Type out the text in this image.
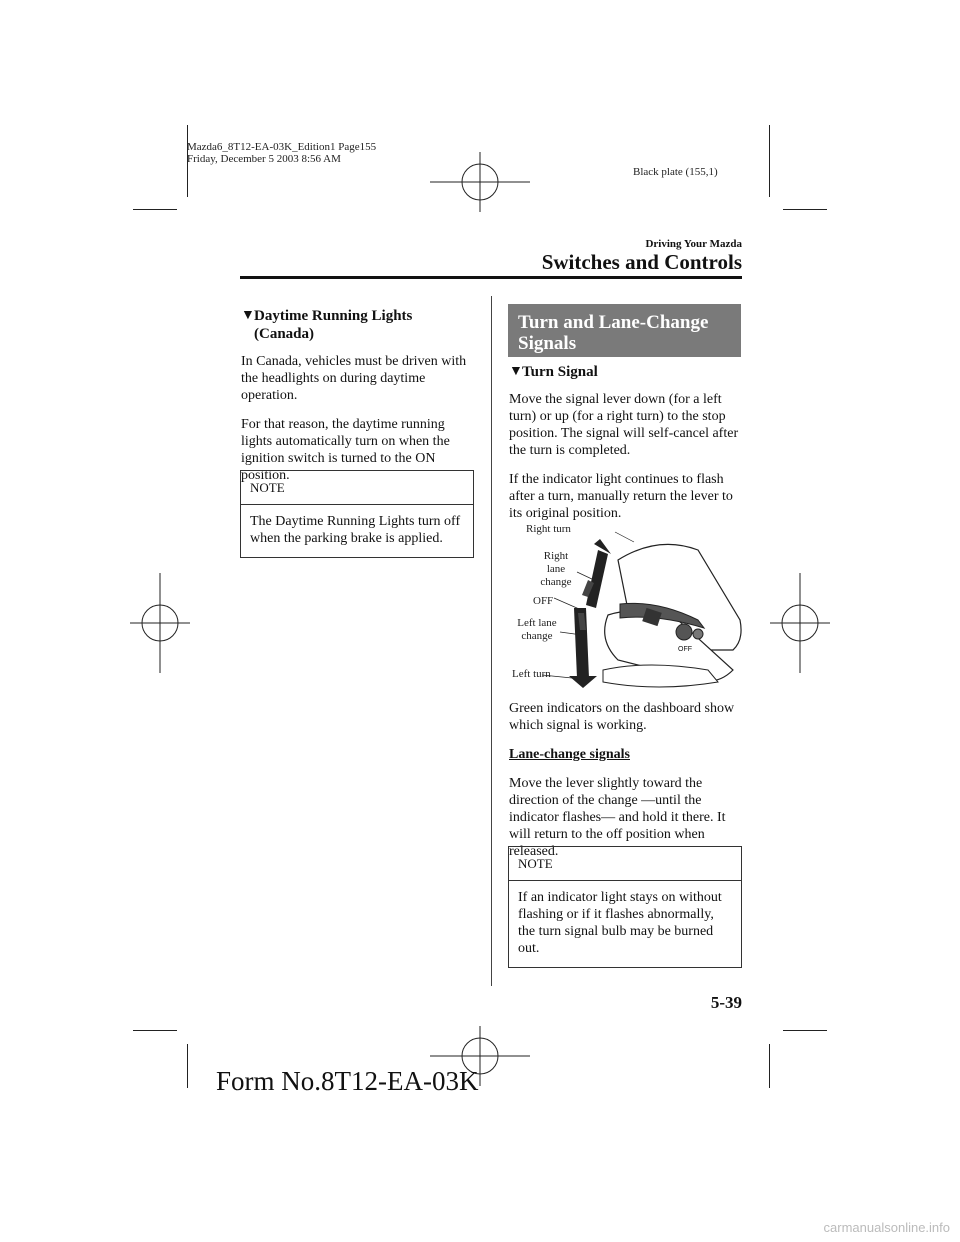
Mazda6_8T12-EA-03K_Edition1 Page155
Friday, December 5 2003 8:56 AM
Black plate (155,1)
Driving Your Mazda
Switches and Controls
▼ Daytime Running Lights (Canada)

In Canada, vehicles must be driven with the headlights on during daytime operation.

For that reason, the daytime running lights automatically turn on when the ignition switch is turned to the ON position.

NOTE
The Daytime Running Lights turn off when the parking brake is applied.
Turn and Lane-Change Signals
▼ Turn Signal

Move the signal lever down (for a left turn) or up (for a right turn) to the stop position. The signal will self-cancel after the turn is completed.

If the indicator light continues to flash after a turn, manually return the lever to its original position.

OFF
Right turn
Right lane change
OFF
Left lane change
Left turn

Green indicators on the dashboard show which signal is working.

Lane-change signals

Move the lever slightly toward the direction of the change —until the indicator flashes— and hold it there. It will return to the off position when released.

NOTE
If an indicator light stays on without flashing or if it flashes abnormally, the turn signal bulb may be burned out.
5-39
Form No.8T12-EA-03K
carmanualsonline.info
